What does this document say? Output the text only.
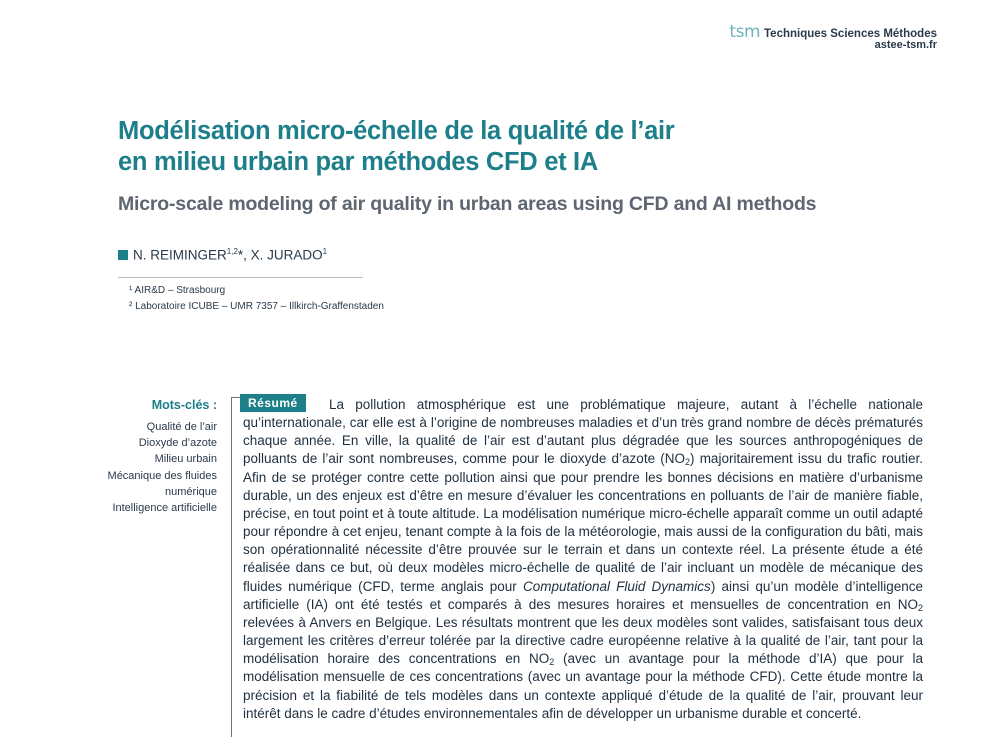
tsm Techniques Sciences Méthodes
astee-tsm.fr
Modélisation micro-échelle de la qualité de l’air
en milieu urbain par méthodes CFD et IA
Micro-scale modeling of air quality in urban areas using CFD and AI methods
N. REIMINGER$^{1,2}$*, X. JURADO$^1$
¹ AIR&D – Strasbourg
² Laboratoire ICUBE – UMR 7357 – Illkirch-Graffenstaden
Mots-clés :
Qualité de l’air
Dioxyde d’azote
Milieu urbain
Mécanique des fluides numérique
Intelligence artificielle

La pollution atmosphérique est une problématique majeure, autant à l’échelle nationale qu’internationale, car elle est à l’origine de nombreuses maladies et d’un très grand nombre de décès prématurés chaque année. En ville, la qualité de l’air est d’autant plus dégradée que les sources anthropogéniques de polluants de l’air sont nombreuses, comme pour le dioxyde d’azote $(NO_2)$ majoritairement issu du trafic routier. Afin de se protéger contre cette pollution ainsi que pour prendre les bonnes décisions en matière d’urbanisme durable, un des enjeux est d’être en mesure d’évaluer les concentrations en polluants de l’air de manière fiable, précise, en tout point et à toute altitude. La modélisation numérique micro-échelle apparaît comme un outil adapté pour répondre à cet enjeu, tenant compte à la fois de la météorologie, mais aussi de la configuration du bâti, mais son opérationnalité nécessite d’être prouvée sur le terrain et dans un contexte réel. La présente étude a été réalisée dans ce but, où deux modèles micro-échelle de qualité de l’air incluant un modèle de mécanique des fluides numérique (CFD, terme anglais pour Computational Fluid Dynamics) ainsi qu’un modèle d’intelligence artificielle (IA) ont été testés et comparés à des mesures horaires et mensuelles de concentration en $NO_2$ relevées à Anvers en Belgique. Les résultats montrent que les deux modèles sont valides, satisfaisant tous deux largement les critères d’erreur tolérée par la directive cadre européenne relative à la qualité de l’air, tant pour la modélisation horaire des concentrations en $NO_2$ (avec un avantage pour la méthode d’IA) que pour la modélisation mensuelle de ces concentrations (avec un avantage pour la méthode CFD). Cette étude montre la précision et la fiabilité de tels modèles dans un contexte appliqué d’étude de la qualité de l’air, prouvant leur intérêt dans le cadre d’études environnementales afin de développer un urbanisme durable et concerté.

Résumé
